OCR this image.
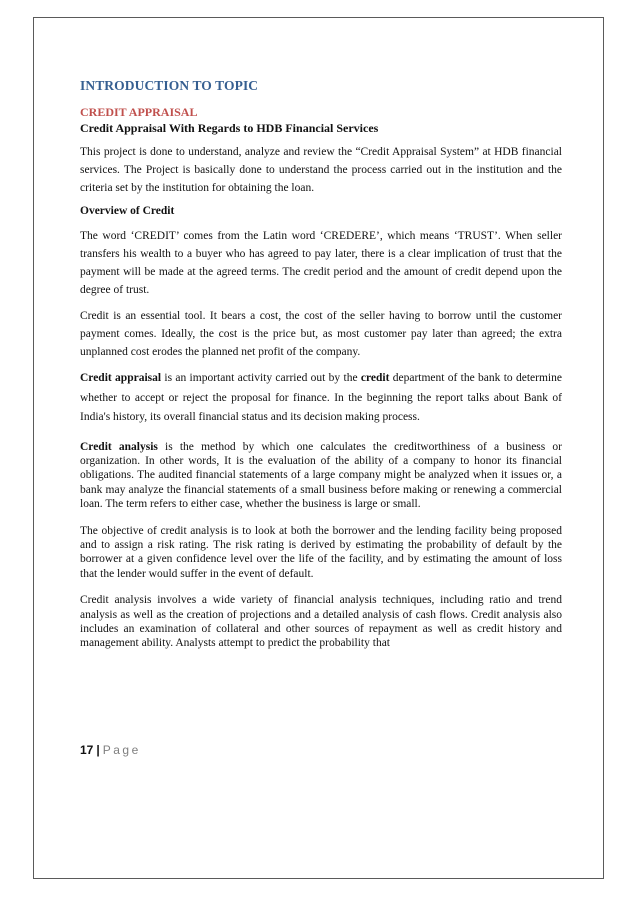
INTRODUCTION TO TOPIC
CREDIT APPRAISAL
Credit Appraisal With Regards to HDB Financial Services

This project is done to understand, analyze and review the “Credit Appraisal System” at HDB financial services. The Project is basically done to understand the process carried out in the institution and the criteria set by the institution for obtaining the loan.

Overview of Credit

The word ‘CREDIT’ comes from the Latin word ‘CREDERE’, which means ‘TRUST’. When seller transfers his wealth to a buyer who has agreed to pay later, there is a clear implication of trust that the payment will be made at the agreed terms. The credit period and the amount of credit depend upon the degree of trust.

Credit is an essential tool. It bears a cost, the cost of the seller having to borrow until the customer payment comes. Ideally, the cost is the price but, as most customer pay later than agreed; the extra unplanned cost erodes the planned net profit of the company.

Credit appraisal is an important activity carried out by the credit department of the bank to determine whether to accept or reject the proposal for finance. In the beginning the report talks about Bank of India's history, its overall financial status and its decision making process.

Credit analysis is the method by which one calculates the creditworthiness of a business or organization. In other words, It is the evaluation of the ability of a company to honor its financial obligations. The audited financial statements of a large company might be analyzed when it issues or, a bank may analyze the financial statements of a small business before making or renewing a commercial loan. The term refers to either case, whether the business is large or small.

The objective of credit analysis is to look at both the borrower and the lending facility being proposed and to assign a risk rating. The risk rating is derived by estimating the probability of default by the borrower at a given confidence level over the life of the facility, and by estimating the amount of loss that the lender would suffer in the event of default.

Credit analysis involves a wide variety of financial analysis techniques, including ratio and trend analysis as well as the creation of projections and a detailed analysis of cash flows. Credit analysis also includes an examination of collateral and other sources of repayment as well as credit history and management ability. Analysts attempt to predict the probability that

17 | Page
